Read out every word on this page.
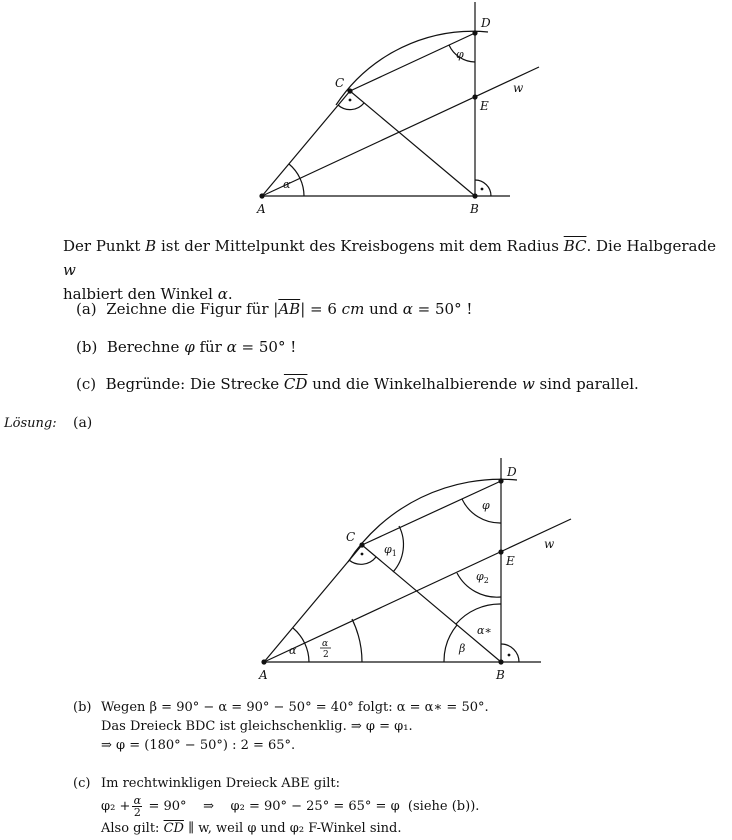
A	B
C
D
E
w
α
φ
Der Punkt B ist der Mittelpunkt des Kreisbogens mit dem Radius $\overline{BC}$. Die Halbgerade w
halbiert den Winkel α.
(a) Zeichne die Figur für $|\overline{AB}| = 6$ cm und α = 50° !
(b) Berechne φ für α = 50° !
(c) Begründe: Die Strecke $\overline{CD}$ und die Winkelhalbierende w sind parallel.
Lösung: (a)
A	B
C
D
E
w
α	α
2
φ
$\varphi_1$
$\varphi_2$
β
α∗
(b) Wegen β = 90° − α = 90° − 50° = 40° folgt: α = α∗ = 50°.
Das Dreieck BDC ist gleichschenklig. ⇒ φ = φ₁.
⇒ φ = (180° − 50°) : 2 = 65°.
(c) Im rechtwinkligen Dreieck ABE gilt:
φ₂ + α
2 = 90°    ⇒    φ₂ = 90° − 25° = 65° = φ  (siehe (b)).
Also gilt: $\overline{CD}$ ∥ w, weil φ und φ₂ F-Winkel sind.
